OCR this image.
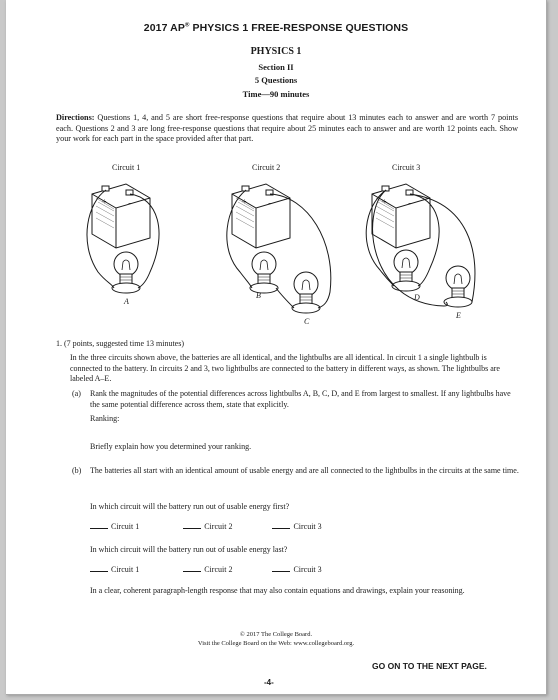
2017 AP® PHYSICS 1 FREE-RESPONSE QUESTIONS
PHYSICS 1
Section II
5 Questions
Time—90 minutes
Directions: Questions 1, 4, and 5 are short free-response questions that require about 13 minutes each to answer and are worth 7 points each. Questions 2 and 3 are long free-response questions that require about 25 minutes each to answer and are worth 12 points each. Show your work for each part in the space provided after that part.
Circuit 1	Circuit 2	Circuit 3
+
A
B
C
D
E
1. (7 points, suggested time 13 minutes)
In the three circuits shown above, the batteries are all identical, and the lightbulbs are all identical. In circuit 1 a single lightbulb is connected to the battery. In circuits 2 and 3, two lightbulbs are connected to the battery in different ways, as shown. The lightbulbs are labeled A–E.
(a) Rank the magnitudes of the potential differences across lightbulbs A, B, C, D, and E from largest to smallest. If any lightbulbs have the same potential difference across them, state that explicitly.
Ranking:
Briefly explain how you determined your ranking.
(b) The batteries all start with an identical amount of usable energy and are all connected to the lightbulbs in the circuits at the same time.
In which circuit will the battery run out of usable energy first?
Circuit 1	Circuit 2	Circuit 3
In which circuit will the battery run out of usable energy last?
Circuit 1	Circuit 2	Circuit 3
In a clear, coherent paragraph-length response that may also contain equations and drawings, explain your reasoning.
© 2017 The College Board.
Visit the College Board on the Web: www.collegeboard.org.
GO ON TO THE NEXT PAGE.
-4-
